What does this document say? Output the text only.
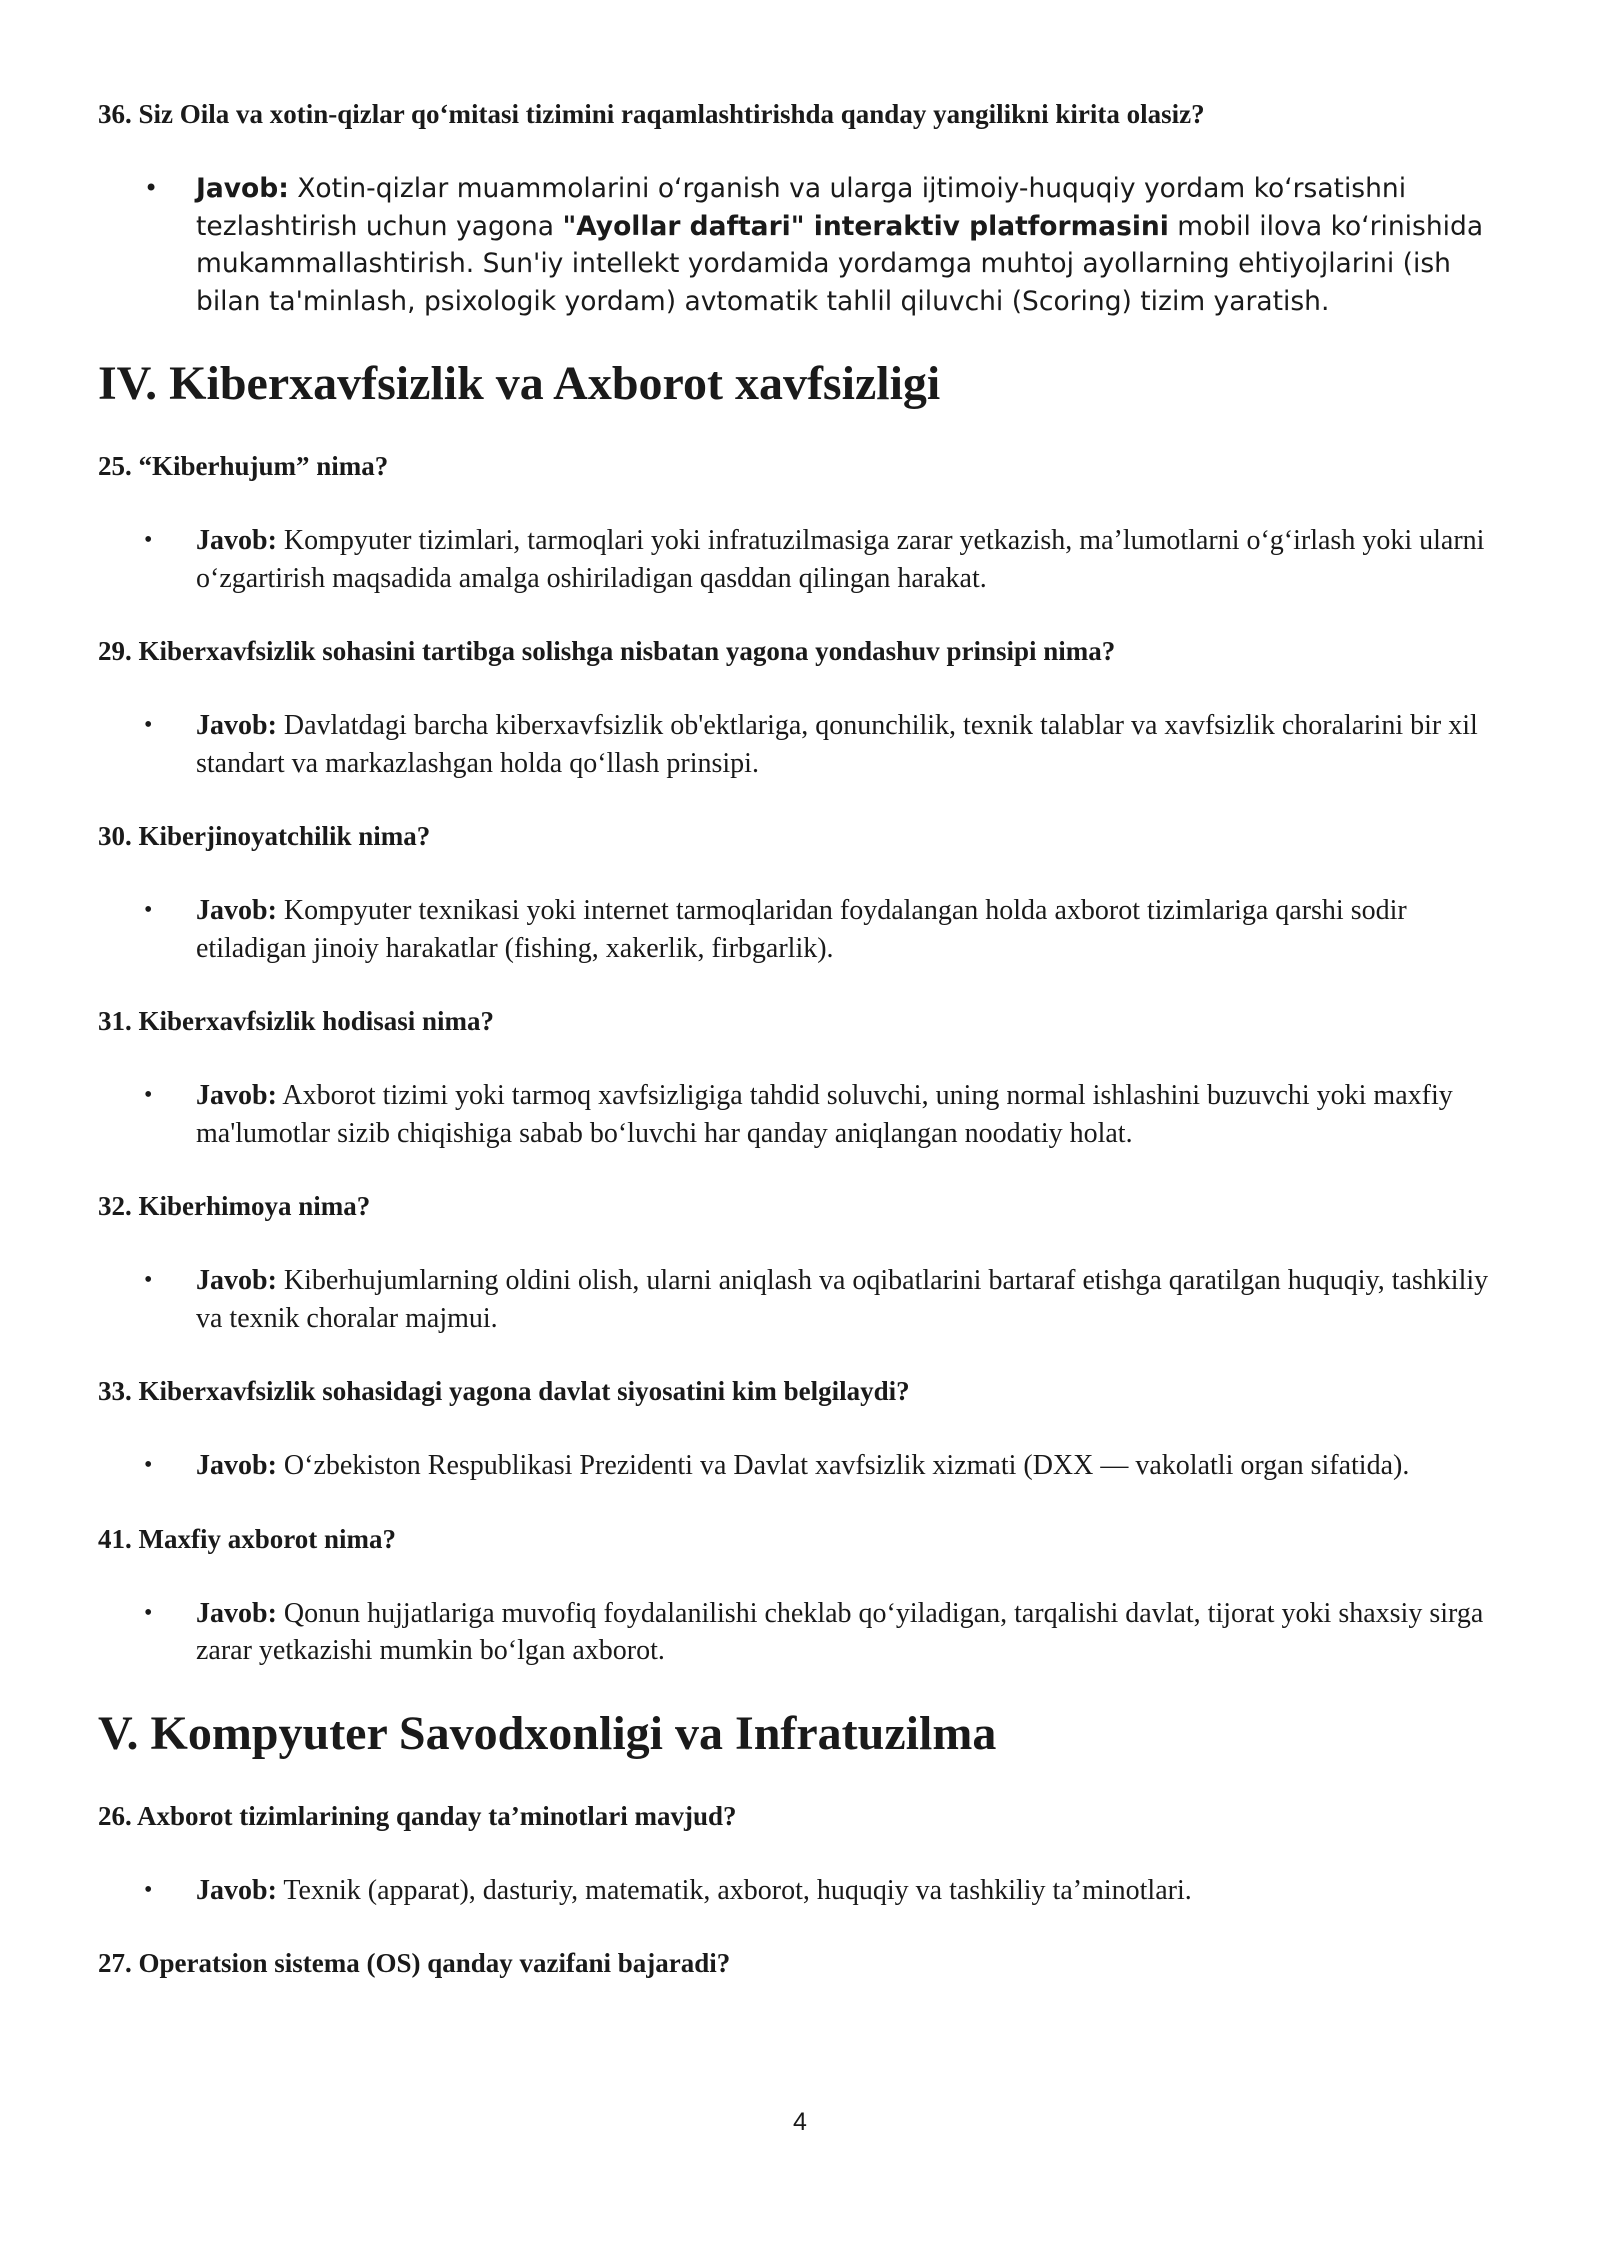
36. Siz Oila va xotin-qizlar qo‘mitasi tizimini raqamlashtirishda qanday yangilikni kirita olasiz?
• Javob: Xotin-qizlar muammolarini o‘rganish va ularga ijtimoiy-huquqiy yordam ko‘rsatishni tezlashtirish uchun yagona "Ayollar daftari" interaktiv platformasini mobil ilova ko‘rinishida mukammallashtirish. Sun'iy intellekt yordamida yordamga muhtoj ayollarning ehtiyojlarini (ish bilan ta'minlash, psixologik yordam) avtomatik tahlil qiluvchi (Scoring) tizim yaratish.
IV. Kiberxavfsizlik va Axborot xavfsizligi
25. “Kiberhujum” nima?
• Javob: Kompyuter tizimlari, tarmoqlari yoki infratuzilmasiga zarar yetkazish, ma’lumotlarni o‘g‘irlash yoki ularni o‘zgartirish maqsadida amalga oshiriladigan qasddan qilingan harakat.
29. Kiberxavfsizlik sohasini tartibga solishga nisbatan yagona yondashuv prinsipi nima?
• Javob: Davlatdagi barcha kiberxavfsizlik ob'ektlariga, qonunchilik, texnik talablar va xavfsizlik choralarini bir xil standart va markazlashgan holda qo‘llash prinsipi.
30. Kiberjinoyatchilik nima?
• Javob: Kompyuter texnikasi yoki internet tarmoqlaridan foydalangan holda axborot tizimlariga qarshi sodir etiladigan jinoiy harakatlar (fishing, xakerlik, firbgarlik).
31. Kiberxavfsizlik hodisasi nima?
• Javob: Axborot tizimi yoki tarmoq xavfsizligiga tahdid soluvchi, uning normal ishlashini buzuvchi yoki maxfiy ma'lumotlar sizib chiqishiga sabab bo‘luvchi har qanday aniqlangan noodatiy holat.
32. Kiberhimoya nima?
• Javob: Kiberhujumlarning oldini olish, ularni aniqlash va oqibatlarini bartaraf etishga qaratilgan huquqiy, tashkiliy va texnik choralar majmui.
33. Kiberxavfsizlik sohasidagi yagona davlat siyosatini kim belgilaydi?
• Javob: O‘zbekiston Respublikasi Prezidenti va Davlat xavfsizlik xizmati (DXX — vakolatli organ sifatida).
41. Maxfiy axborot nima?
• Javob: Qonun hujjatlariga muvofiq foydalanilishi cheklab qo‘yiladigan, tarqalishi davlat, tijorat yoki shaxsiy sirga zarar yetkazishi mumkin bo‘lgan axborot.
V. Kompyuter Savodxonligi va Infratuzilma
26. Axborot tizimlarining qanday ta’minotlari mavjud?
• Javob: Texnik (apparat), dasturiy, matematik, axborot, huquqiy va tashkiliy ta’minotlari.
27. Operatsion sistema (OS) qanday vazifani bajaradi?
4
